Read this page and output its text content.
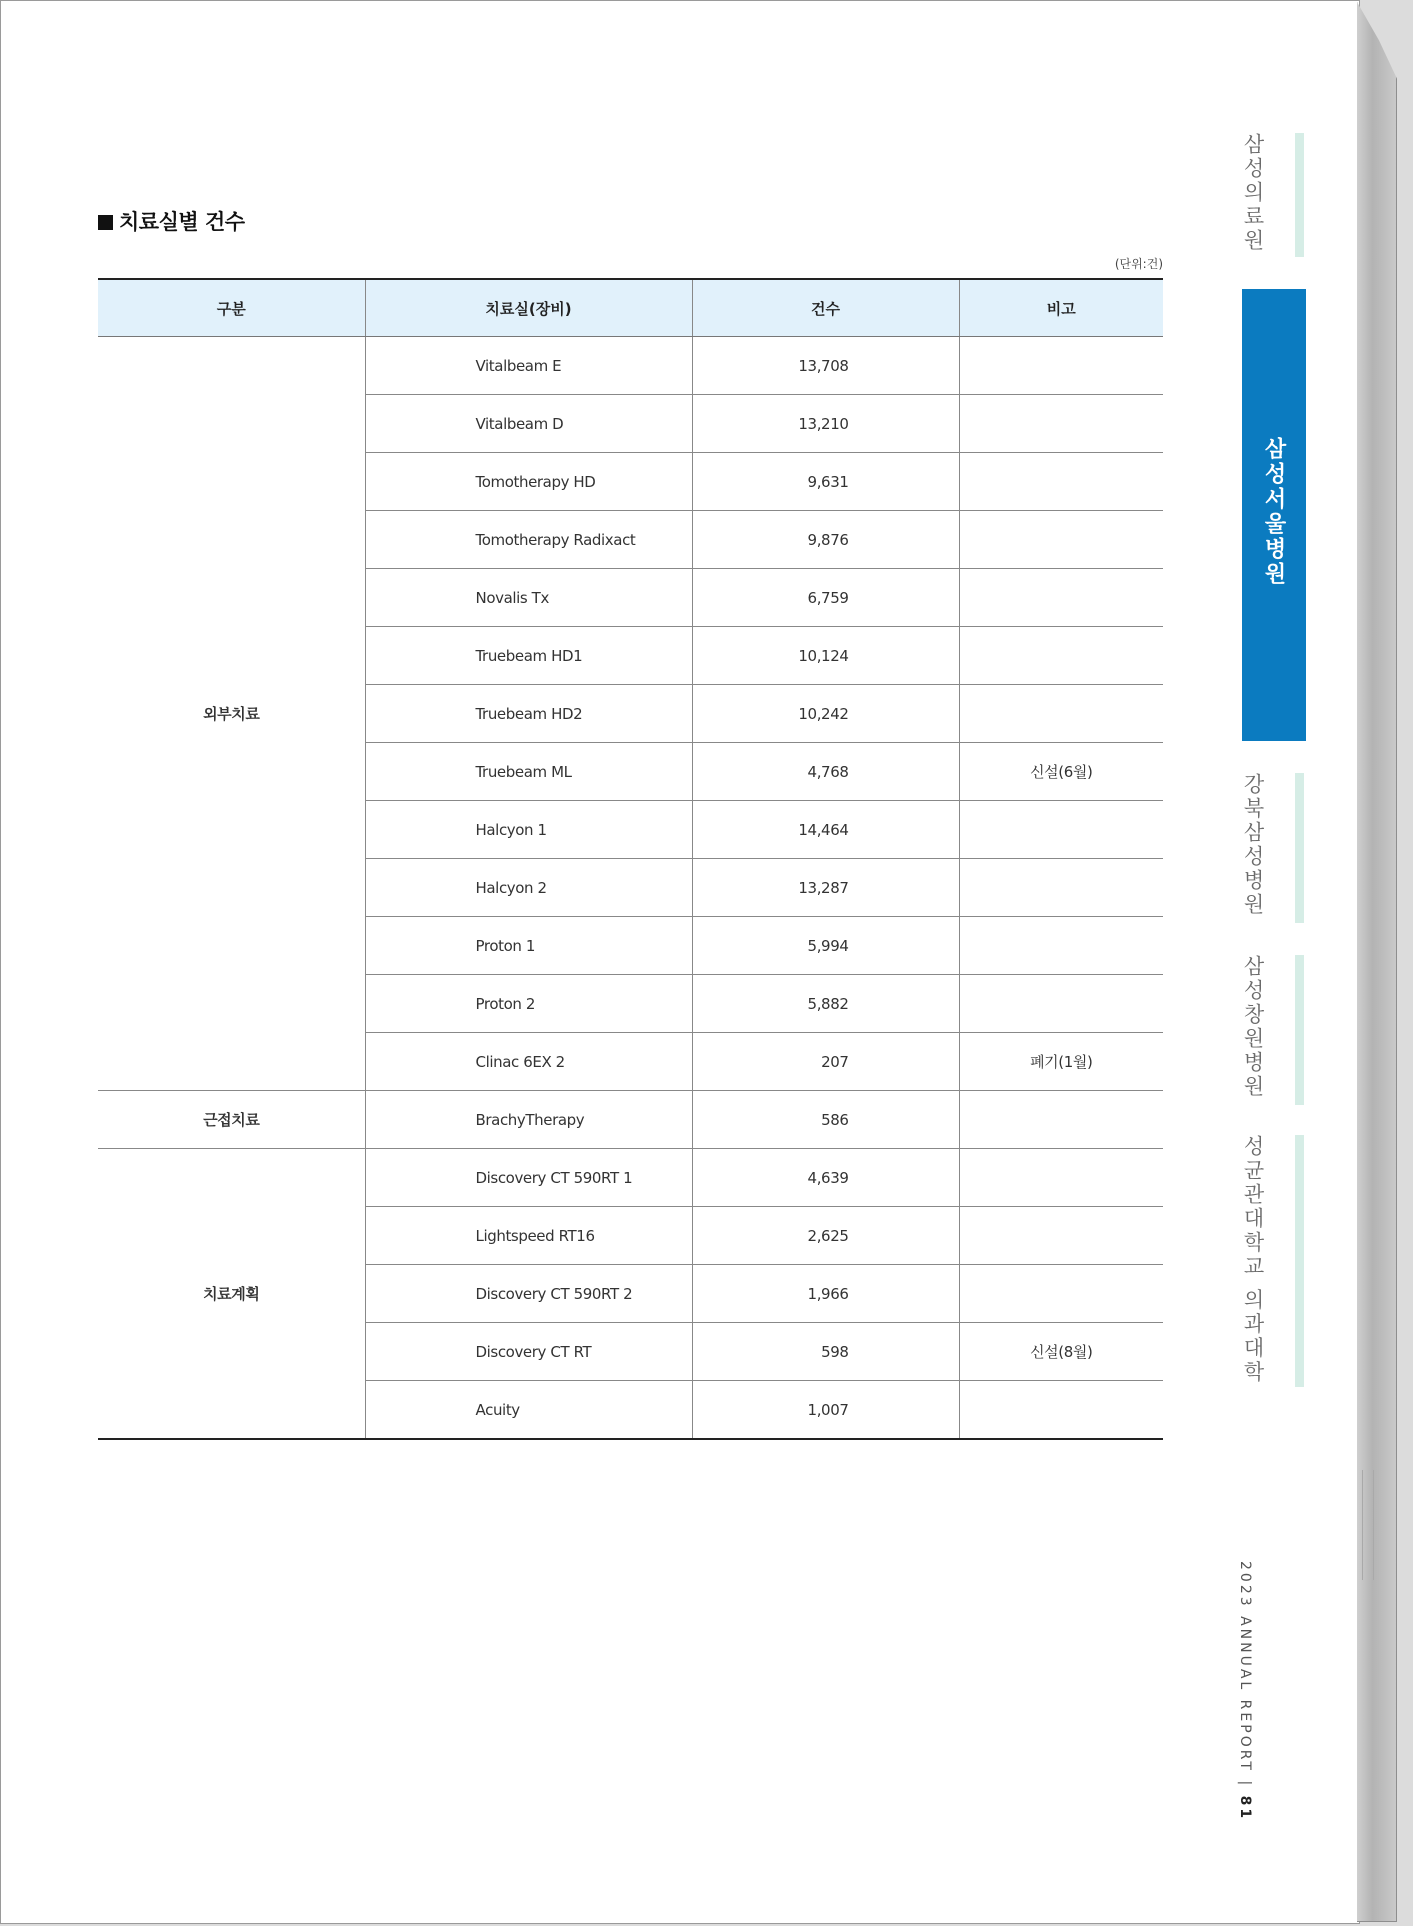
치료실별 건수
(단위:건)
구분	치료실(장비)	건수	비고
외부치료	Vitalbeam E	13,708	
	Vitalbeam D	13,210	
	Tomotherapy HD	9,631	
	Tomotherapy Radixact	9,876	
	Novalis Tx	6,759	
	Truebeam HD1	10,124	
	Truebeam HD2	10,242	
	Truebeam ML	4,768	신설(6월)
	Halcyon 1	14,464	
	Halcyon 2	13,287	
	Proton 1	5,994	
	Proton 2	5,882	
	Clinac 6EX 2	207	폐기(1월)
근접치료	BrachyTherapy	586	
치료계획	Discovery CT 590RT 1	4,639	
	Lightspeed RT16	2,625	
	Discovery CT 590RT 2	1,966	
	Discovery CT RT	598	신설(8월)
	Acuity	1,007	
삼성의료원
삼성서울병원
강북삼성병원
삼성창원병원
성균관대학교 의과대학
2023 ANNUAL REPORT | 81
